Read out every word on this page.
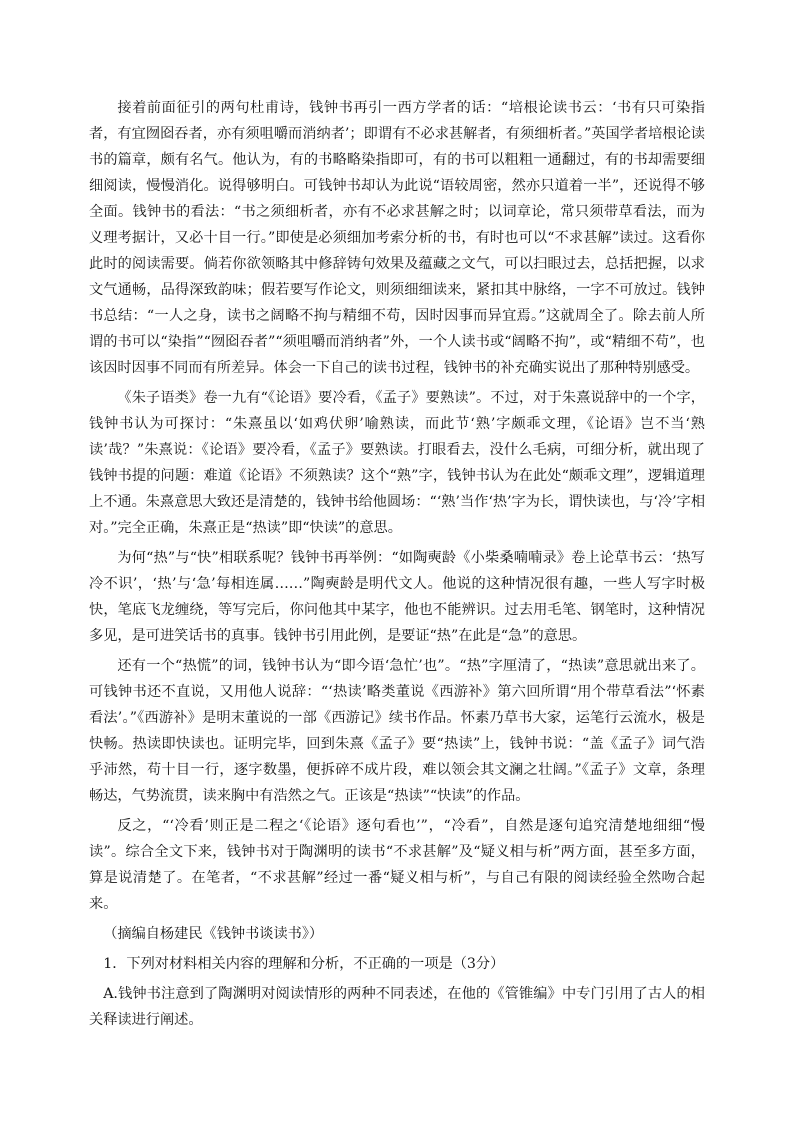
接着前面征引的两句杜甫诗，钱钟书再引一西方学者的话：“培根论读书云：‘书有只可染指者，有宜囫囵吞者，亦有须咀嚼而消纳者’；即谓有不必求甚解者，有须细析者。”英国学者培根论读书的篇章，颇有名气。他认为，有的书略略染指即可，有的书可以粗粗一通翻过，有的书却需要细细阅读，慢慢消化。说得够明白。可钱钟书却认为此说“语较周密，然亦只道着一半”，还说得不够全面。钱钟书的看法：“书之须细析者，亦有不必求甚解之时；以词章论，常只须带草看法，而为义理考据计，又必十目一行。”即使是必须细加考索分析的书，有时也可以“不求甚解”读过。这看你此时的阅读需要。倘若你欲领略其中修辞铸句效果及蕴藏之文气，可以扫眼过去，总括把握，以求文气通畅，品得深致韵味；假若要写作论文，则须细细读来，紧扣其中脉络，一字不可放过。钱钟书总结：“一人之身，读书之阔略不拘与精细不苟，因时因事而异宜焉。”这就周全了。除去前人所谓的书可以“染指”“囫囵吞者”“须咀嚼而消纳者”外，一个人读书或“阔略不拘”，或“精细不苟”，也该因时因事不同而有所差异。体会一下自己的读书过程，钱钟书的补充确实说出了那种特别感受。

《朱子语类》卷一九有“《论语》要冷看，《孟子》要熟读”。不过，对于朱熹说辞中的一个字，钱钟书认为可探讨：“朱熹虽以‘如鸡伏卵’喻熟读，而此节‘熟’字颇乖文理，《论语》岂不当‘熟读’哉？”朱熹说：《论语》要冷看，《孟子》要熟读。打眼看去，没什么毛病，可细分析，就出现了钱钟书提的问题：难道《论语》不须熟读？这个“熟”字，钱钟书认为在此处“颇乖文理”，逻辑道理上不通。朱熹意思大致还是清楚的，钱钟书给他圆场：“‘熟’当作‘热’字为长，谓快读也，与‘冷’字相对。”完全正确，朱熹正是“热读”即“快读”的意思。

为何“热”与“快”相联系呢？钱钟书再举例：“如陶奭龄《小柴桑喃喃录》卷上论草书云：‘热写冷不识’，‘热’与‘急’每相连属……”陶奭龄是明代文人。他说的这种情况很有趣，一些人写字时极快，笔底飞龙缠绕，等写完后，你问他其中某字，他也不能辨识。过去用毛笔、钢笔时，这种情况多见，是可进笑话书的真事。钱钟书引用此例，是要证“热”在此是“急”的意思。

还有一个“热慌”的词，钱钟书认为“即今语‘急忙’也”。“热”字厘清了，“热读”意思就出来了。可钱钟书还不直说，又用他人说辞：“‘热读’略类董说《西游补》第六回所谓“用个带草看法”‘怀素看法’。”《西游补》是明末董说的一部《西游记》续书作品。怀素乃草书大家，运笔行云流水，极是快畅。热读即快读也。证明完毕，回到朱熹《孟子》要“热读”上，钱钟书说：“盖《孟子》词气浩乎沛然，苟十目一行，逐字数墨，便拆碎不成片段，难以领会其文澜之壮阔。”《孟子》文章，条理畅达，气势流贯，读来胸中有浩然之气。正该是“热读”“快读”的作品。

反之，“‘冷看’则正是二程之‘《论语》逐句看也’”，“冷看”，自然是逐句追究清楚地细细“慢读”。综合全文下来，钱钟书对于陶渊明的读书“不求甚解”及“疑义相与析”两方面，甚至多方面，算是说清楚了。在笔者，“不求甚解”经过一番“疑义相与析”，与自己有限的阅读经验全然吻合起来。

（摘编自杨建民《钱钟书谈读书》）

1．下列对材料相关内容的理解和分析，不正确的一项是（3分）

A.钱钟书注意到了陶渊明对阅读情形的两种不同表述，在他的《管锥编》中专门引用了古人的相关释读进行阐述。
